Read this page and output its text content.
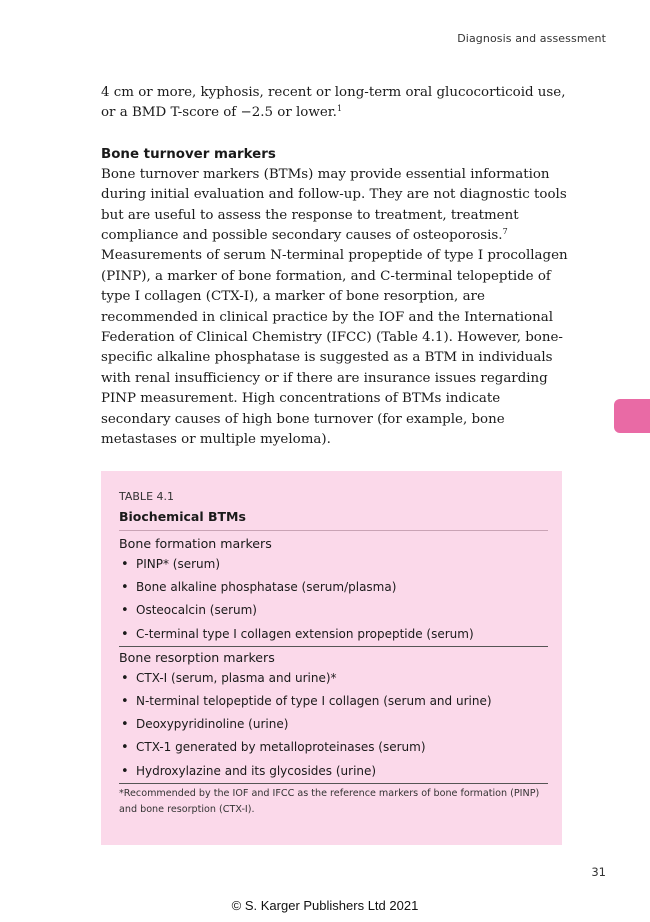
Diagnosis and assessment

4 cm or more, kyphosis, recent or long-term oral glucocorticoid use, or a BMD T-score of −2.5 or lower.$^1$

Bone turnover markers

Bone turnover markers (BTMs) may provide essential information during initial evaluation and follow-up. They are not diagnostic tools but are useful to assess the response to treatment, treatment compliance and possible secondary causes of osteoporosis.$^7$ Measurements of serum N-terminal propeptide of type I procollagen (PINP), a marker of bone formation, and C-terminal telopeptide of type I collagen (CTX-I), a marker of bone resorption, are recommended in clinical practice by the IOF and the International Federation of Clinical Chemistry (IFCC) (Table 4.1). However, bone-specific alkaline phosphatase is suggested as a BTM in individuals with renal insufficiency or if there are insurance issues regarding PINP measurement. High concentrations of BTMs indicate secondary causes of high bone turnover (for example, bone metastases or multiple myeloma).

TABLE 4.1
Biochemical BTMs
Bone formation markers
• PINP* (serum)
• Bone alkaline phosphatase (serum/plasma)
• Osteocalcin (serum)
• C-terminal type I collagen extension propeptide (serum)
Bone resorption markers
• CTX-I (serum, plasma and urine)*
• N-terminal telopeptide of type I collagen (serum and urine)
• Deoxypyridinoline (urine)
• CTX-1 generated by metalloproteinases (serum)
• Hydroxylazine and its glycosides (urine)
*Recommended by the IOF and IFCC as the reference markers of bone formation (PINP) and bone resorption (CTX-I).
31
© S. Karger Publishers Ltd 2021
